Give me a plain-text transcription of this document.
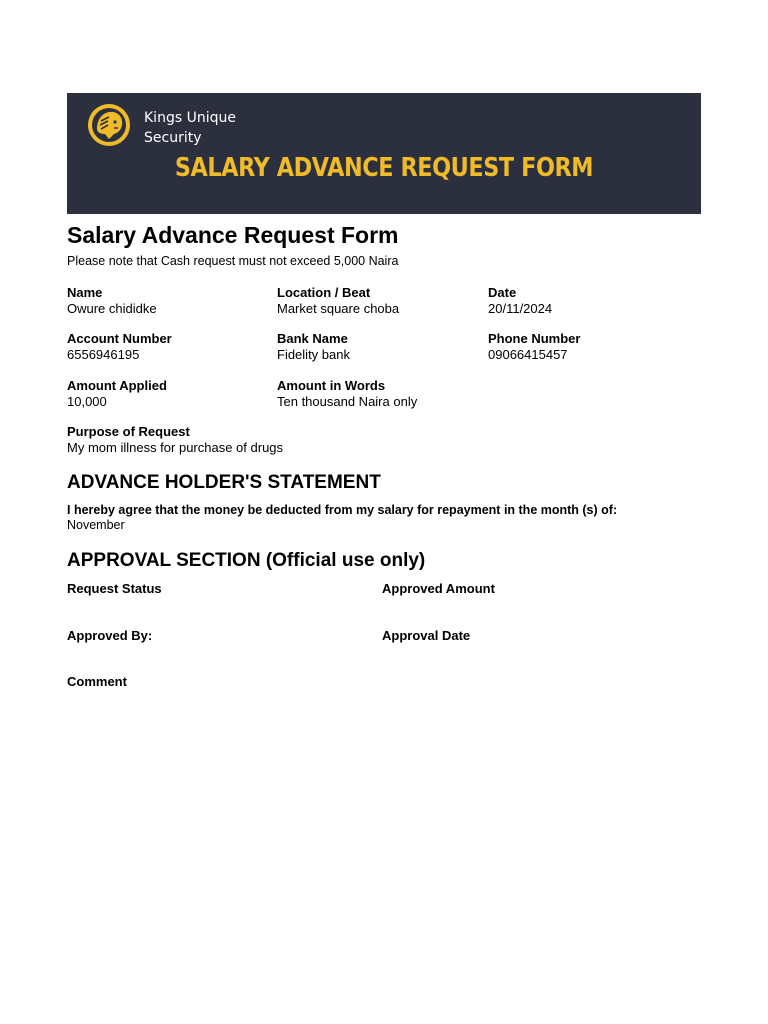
Kings Unique
Security
SALARY ADVANCE REQUEST FORM
Salary Advance Request Form
Please note that Cash request must not exceed 5,000 Naira
Name
Owure chididke
Location / Beat
Market square choba
Date
20/11/2024
Account Number
6556946195
Bank Name
Fidelity bank
Phone Number
09066415457
Amount Applied
10,000
Amount in Words
Ten thousand Naira only
Purpose of Request
My mom illness for purchase of drugs
ADVANCE HOLDER'S STATEMENT
I hereby agree that the money be deducted from my salary for repayment in the month (s) of:
November
APPROVAL SECTION (Official use only)
Request Status	Approved Amount
Approved By:	Approval Date
Comment
